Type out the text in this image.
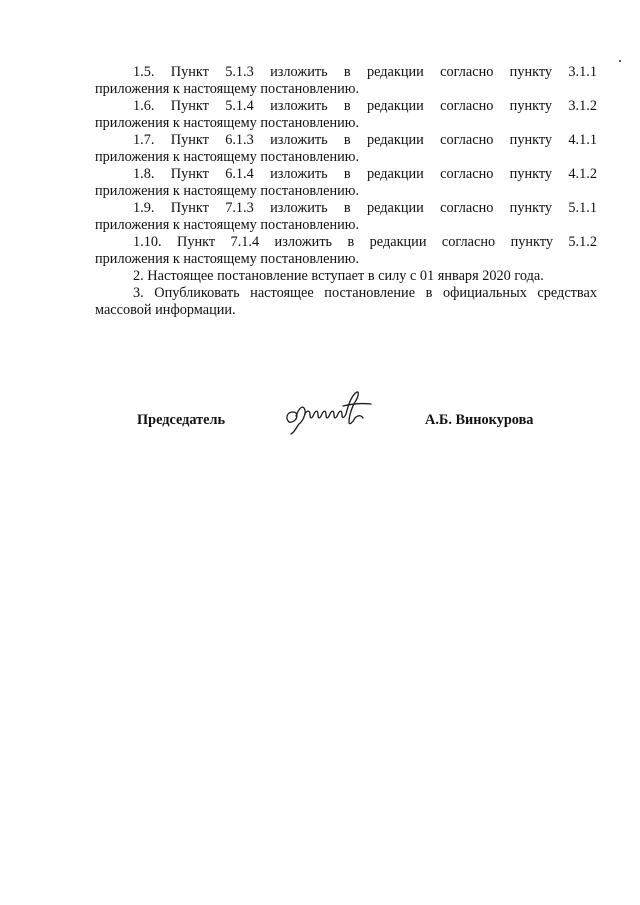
1.5. Пункт 5.1.3 изложить в редакции согласно пункту 3.1.1
приложения к настоящему постановлению.

1.6. Пункт 5.1.4 изложить в редакции согласно пункту 3.1.2
приложения к настоящему постановлению.

1.7. Пункт 6.1.3 изложить в редакции согласно пункту 4.1.1
приложения к настоящему постановлению.

1.8. Пункт 6.1.4 изложить в редакции согласно пункту 4.1.2
приложения к настоящему постановлению.

1.9. Пункт 7.1.3 изложить в редакции согласно пункту 5.1.1
приложения к настоящему постановлению.

1.10. Пункт 7.1.4 изложить в редакции согласно пункту 5.1.2
приложения к настоящему постановлению.

2. Настоящее постановление вступает в силу с 01 января 2020 года.

3. Опубликовать настоящее постановление в официальных средствах массовой информации.

Председатель	А.Б. Винокурова
